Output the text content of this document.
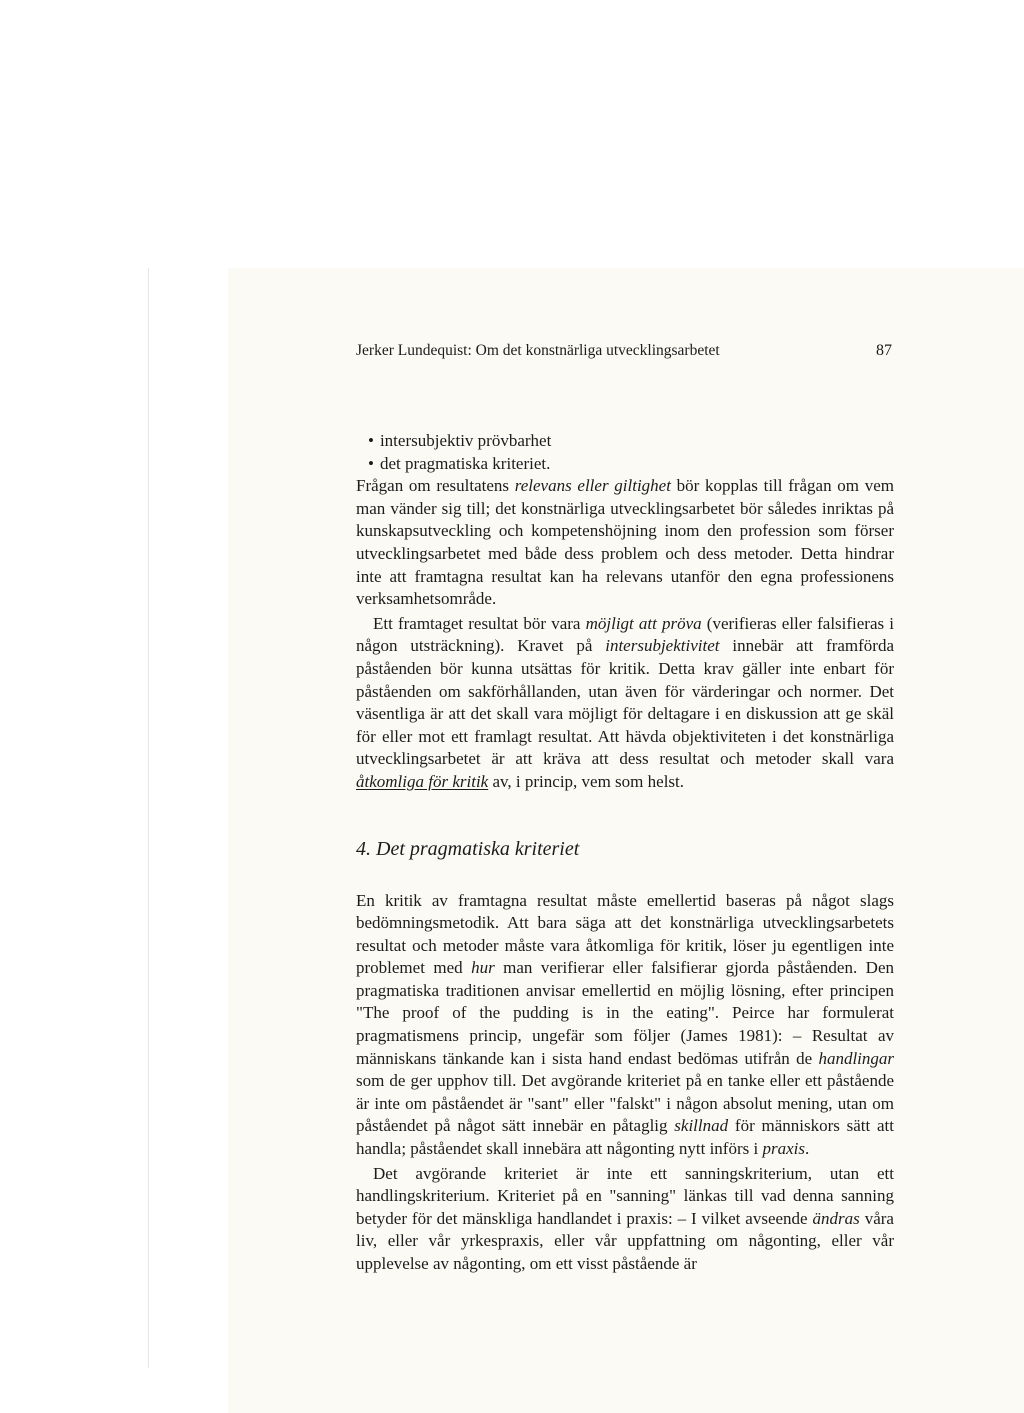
Jerker Lundequist: Om det konstnärliga utvecklingsarbetet	87
• intersubjektiv prövbarhet
• det pragmatiska kriteriet.

Frågan om resultatens relevans eller giltighet bör kopplas till frågan om vem man vänder sig till; det konstnärliga utvecklingsarbetet bör således inriktas på kunskapsutveckling och kompetenshöjning inom den profession som förser utvecklingsarbetet med både dess problem och dess metoder. Detta hindrar inte att framtagna resultat kan ha relevans utanför den egna professionens verksamhetsområde.

Ett framtaget resultat bör vara möjligt att pröva (verifieras eller falsifieras i någon utsträckning). Kravet på intersubjektivitet innebär att framförda påståenden bör kunna utsättas för kritik. Detta krav gäller inte enbart för påståenden om sakförhållanden, utan även för värderingar och normer. Det väsentliga är att det skall vara möjligt för deltagare i en diskussion att ge skäl för eller mot ett framlagt resultat. Att hävda objektiviteten i det konstnärliga utvecklingsarbetet är att kräva att dess resultat och metoder skall vara åtkomliga för kritik av, i princip, vem som helst.

4. Det pragmatiska kriteriet

En kritik av framtagna resultat måste emellertid baseras på något slags bedömningsmetodik. Att bara säga att det konstnärliga utvecklingsarbetets resultat och metoder måste vara åtkomliga för kritik, löser ju egentligen inte problemet med hur man verifierar eller falsifierar gjorda påståenden. Den pragmatiska traditionen anvisar emellertid en möjlig lösning, efter principen "The proof of the pudding is in the eating". Peirce har formulerat pragmatismens princip, ungefär som följer (James 1981): – Resultat av människans tänkande kan i sista hand endast bedömas utifrån de handlingar som de ger upphov till. Det avgörande kriteriet på en tanke eller ett påstående är inte om påståendet är "sant" eller "falskt" i någon absolut mening, utan om påståendet på något sätt innebär en påtaglig skillnad för människors sätt att handla; påståendet skall innebära att någonting nytt införs i praxis.

Det avgörande kriteriet är inte ett sanningskriterium, utan ett handlingskriterium. Kriteriet på en "sanning" länkas till vad denna sanning betyder för det mänskliga handlandet i praxis: – I vilket avseende ändras våra liv, eller vår yrkespraxis, eller vår uppfattning om någonting, eller vår upplevelse av någonting, om ett visst påstående är
